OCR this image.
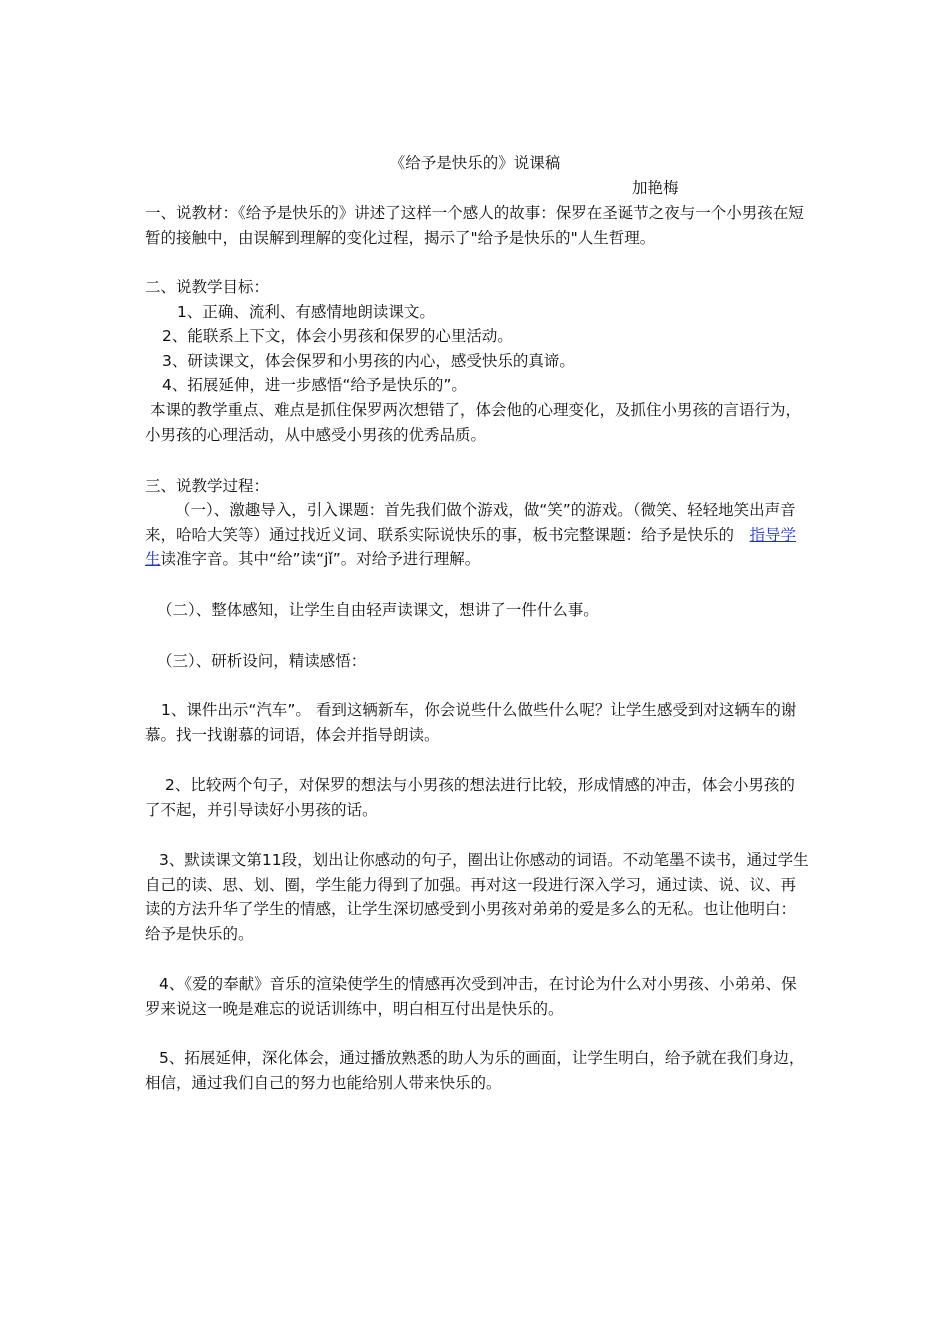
《给予是快乐的》说课稿
加艳梅

一、说教材：《给予是快乐的》讲述了这样一个感人的故事：保罗在圣诞节之夜与一个小男孩在短暂的接触中，由误解到理解的变化过程，揭示了"给予是快乐的"人生哲理。

二、说教学目标：

1、正确、流利、有感情地朗读课文。

2、能联系上下文，体会小男孩和保罗的心里活动。

3、研读课文，体会保罗和小男孩的内心，感受快乐的真谛。

4、拓展延伸，进一步感悟“给予是快乐的”。

本课的教学重点、难点是抓住保罗两次想错了，体会他的心理变化，及抓住小男孩的言语行为，小男孩的心理活动，从中感受小男孩的优秀品质。

三、说教学过程：

（一）、激趣导入，引入课题：首先我们做个游戏，做“笑”的游戏。（微笑、轻轻地笑出声音来，哈哈大笑等）通过找近义词、联系实际说快乐的事，板书完整课题：给予是快乐的　指导学生读准字音。其中“给”读“jǐ”。对给予进行理解。

（二）、整体感知，让学生自由轻声读课文，想讲了一件什么事。

（三）、研析设问，精读感悟：

1、课件出示“汽车”。 看到这辆新车，你会说些什么做些什么呢？让学生感受到对这辆车的谢慕。找一找谢慕的词语，体会并指导朗读。

2、比较两个句子，对保罗的想法与小男孩的想法进行比较，形成情感的冲击，体会小男孩的了不起，并引导读好小男孩的话。

3、默读课文第11段，划出让你感动的句子，圈出让你感动的词语。不动笔墨不读书，通过学生自己的读、思、划、圈，学生能力得到了加强。再对这一段进行深入学习，通过读、说、议、再读的方法升华了学生的情感，让学生深切感受到小男孩对弟弟的爱是多么的无私。也让他明白：给予是快乐的。

4、《爱的奉献》音乐的渲染使学生的情感再次受到冲击，在讨论为什么对小男孩、小弟弟、保罗来说这一晚是难忘的说话训练中，明白相互付出是快乐的。

5、拓展延伸，深化体会，通过播放熟悉的助人为乐的画面，让学生明白，给予就在我们身边，相信，通过我们自己的努力也能给别人带来快乐的。
